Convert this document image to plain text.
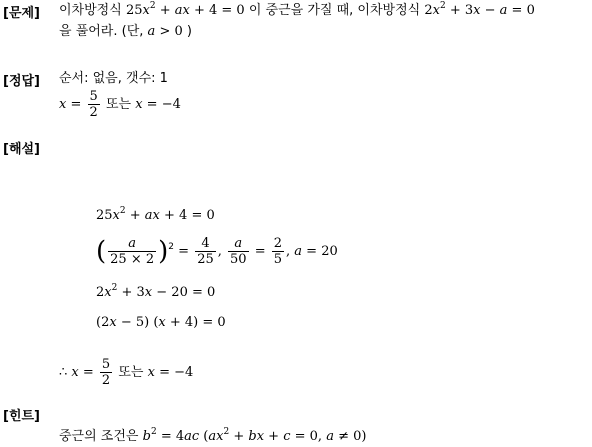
[문제] 이차방정식 $25x^2$ + ax + 4 = 0 이 중근을 가질 때, 이차방정식 $2x^2 + 3x - a = 0$
을 풀어라. (단, a > 0 )
[정답] 순서: 없음, 갯수: 1
$x = \frac{5}{2}$ 또는 x = −4
[해설]
$25x^2$ + ax + 4 = 0
( $\frac{a}{25 \times 2} )^2 = \frac{4}{25}$ , $\frac{a}{50} = \frac{2}{5}$ , a = 20
$2x^2 + 3x - 20 = 0$
(2x − 5) (x + 4) = 0
∴ $x = \frac{5}{2}$ 또는 x = −4
[힌트]
중근의 조건은 $b^2 = 4ac$ ($ax^2$ + bx + c = 0, a ≠ 0)
